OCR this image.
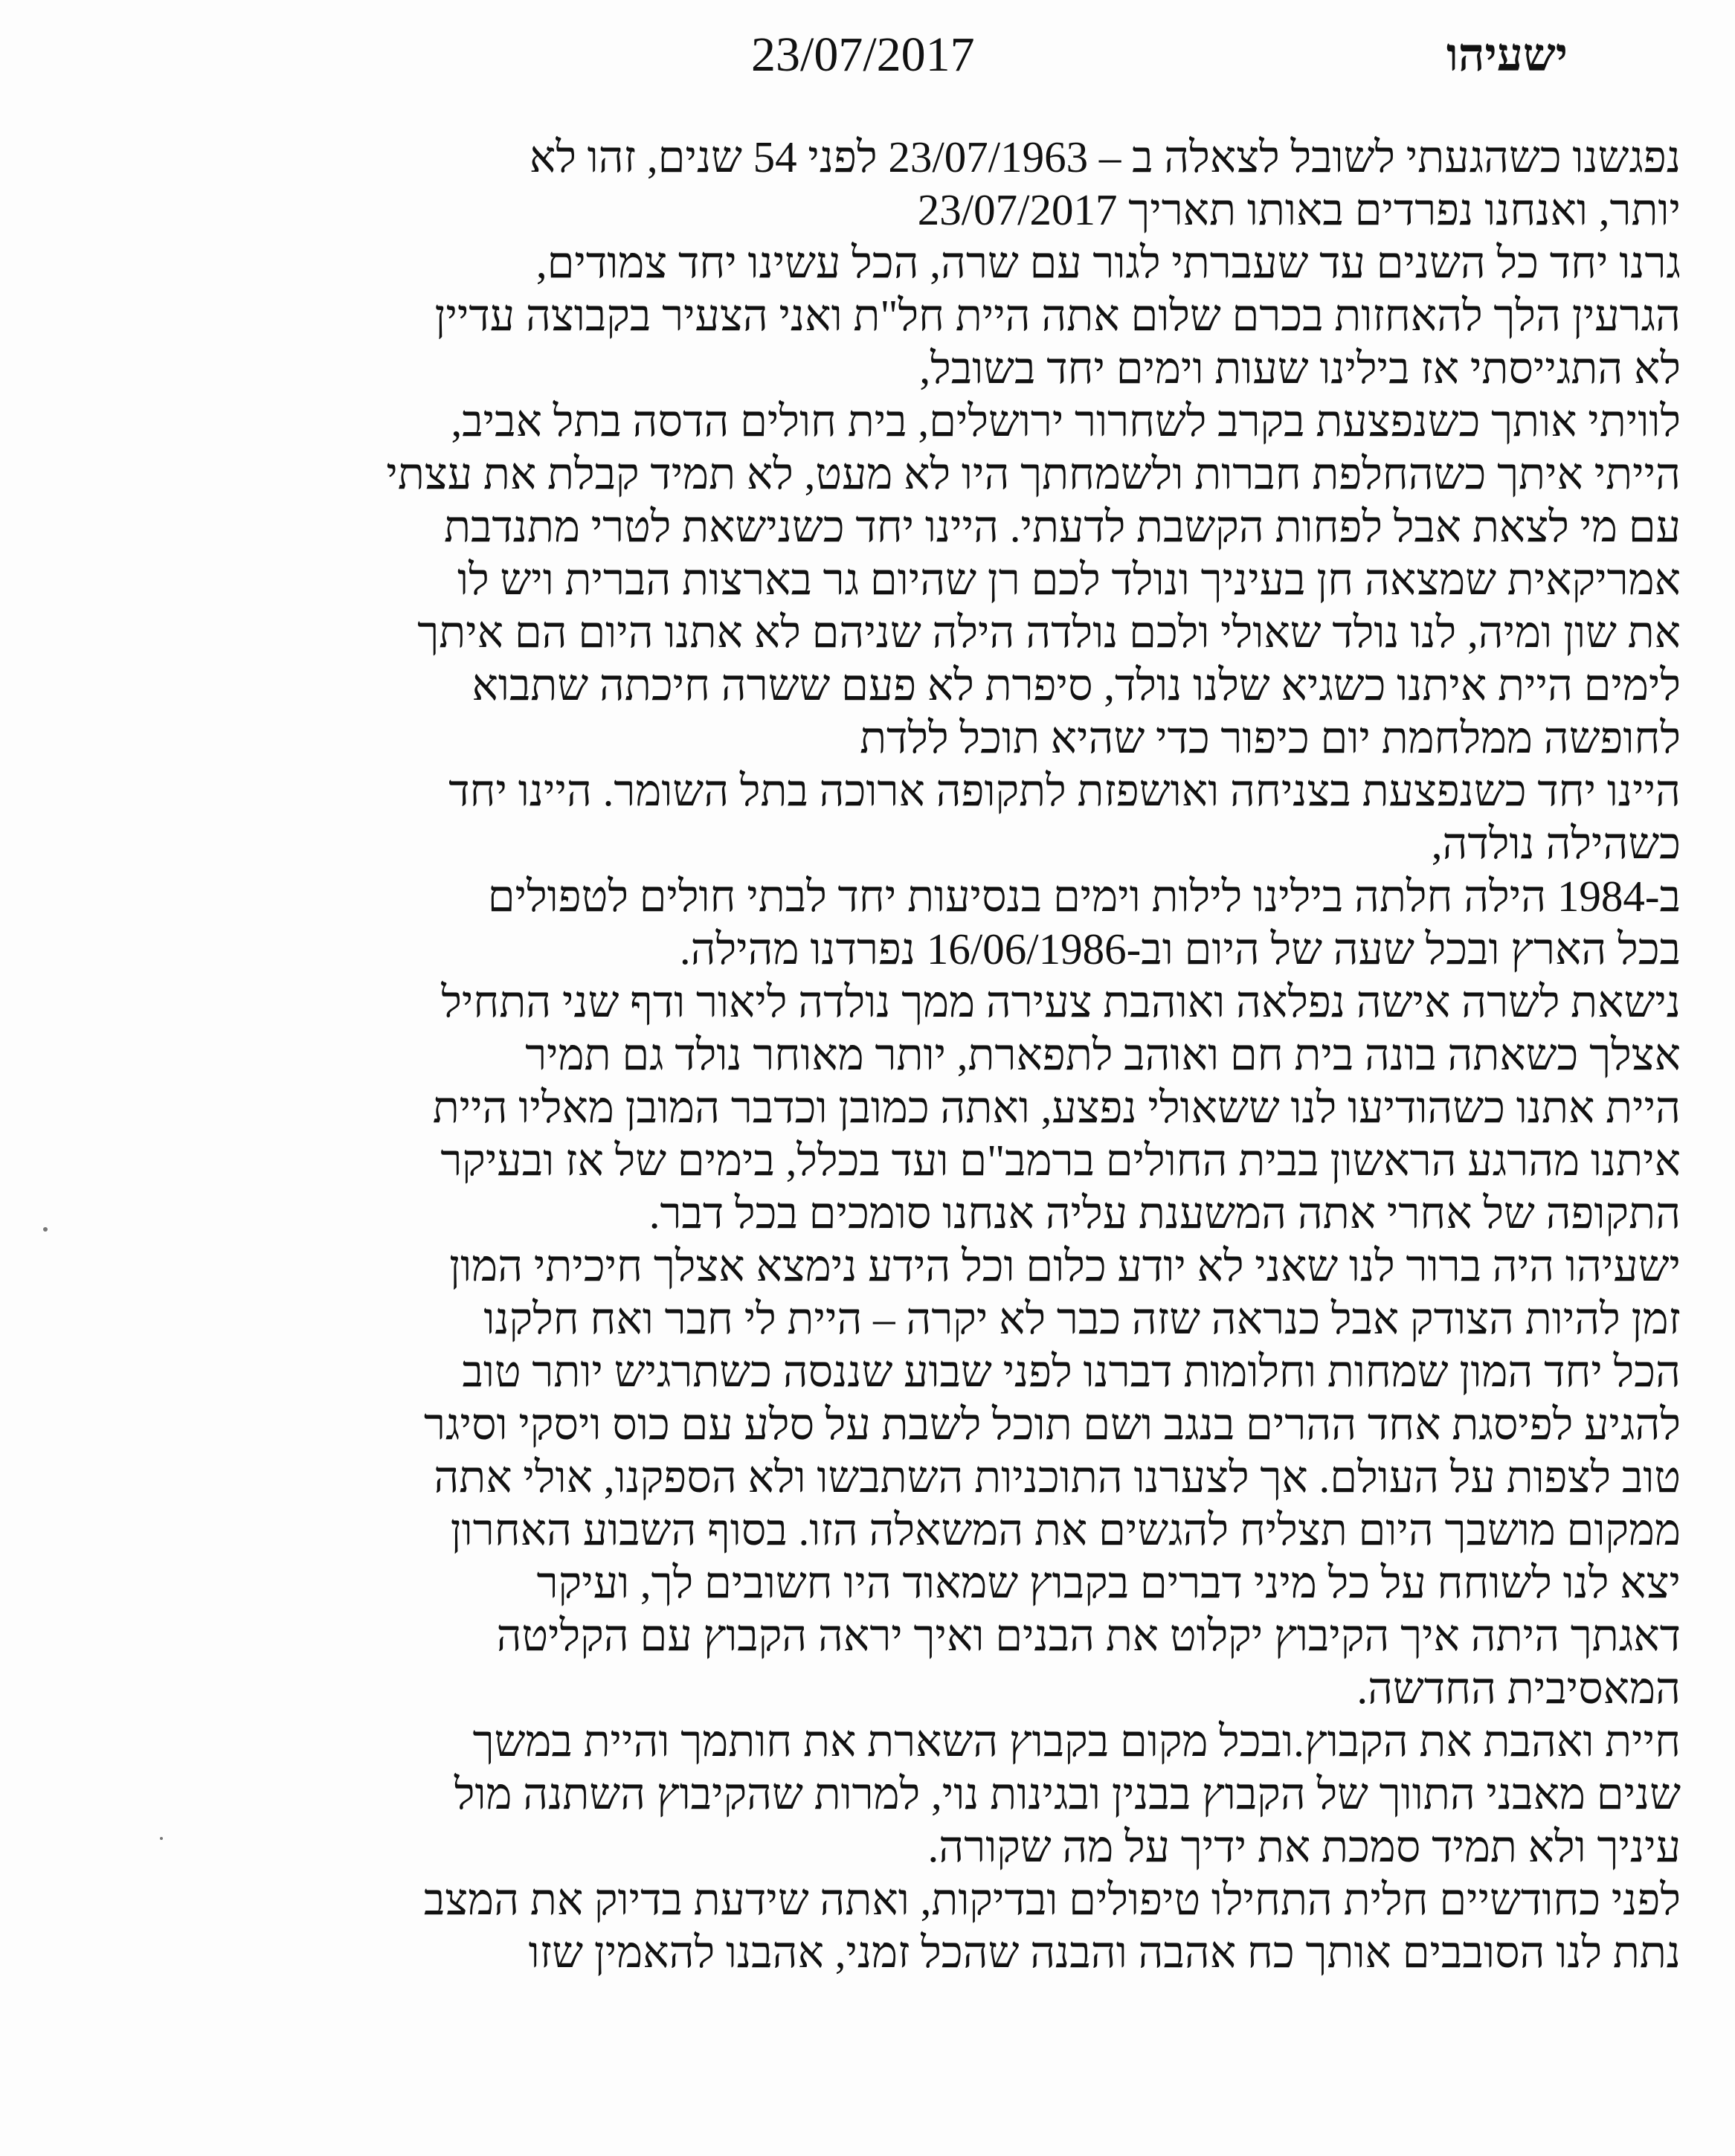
ישעיהו
23/07/2017
נפגשנו כשהגעתי לשובל לצאלה ב – 23/07/1963 לפני 54 שנים, זהו לא
יותר, ואנחנו נפרדים באותו תאריך 23/07/2017
גרנו יחד כל השנים עד שעברתי לגור עם שרה, הכל עשינו יחד צמודים,
הגרעין הלך להאחזות בכרם שלום אתה היית חל"ת ואני הצעיר בקבוצה עדיין
לא התגייסתי אז בילינו שעות וימים יחד בשובל,
לוויתי אותך כשנפצעת בקרב לשחרור ירושלים, בית חולים הדסה בתל אביב,
הייתי איתך כשהחלפת חברות ולשמחתך היו לא מעט, לא תמיד קבלת את עצתי
עם מי לצאת אבל לפחות הקשבת לדעתי. היינו יחד כשנישאת לטרי מתנדבת
אמריקאית שמצאה חן בעיניך ונולד לכם רן שהיום גר בארצות הברית ויש לו
את שון ומיה, לנו נולד שאולי ולכם נולדה הילה שניהם לא אתנו היום הם איתך
לימים היית איתנו כשגיא שלנו נולד, סיפרת לא פעם ששרה חיכתה שתבוא
לחופשה ממלחמת יום כיפור כדי שהיא תוכל ללדת
היינו יחד כשנפצעת בצניחה ואושפזת לתקופה ארוכה בתל השומר. היינו יחד
כשהילה נולדה,
ב-1984 הילה חלתה בילינו לילות וימים בנסיעות יחד לבתי חולים לטפולים
בכל הארץ ובכל שעה של היום וב-16/06/1986 נפרדנו מהילה.
נישאת לשרה אישה נפלאה ואוהבת צעירה ממך נולדה ליאור ודף שני התחיל
אצלך כשאתה בונה בית חם ואוהב לתפארת, יותר מאוחר נולד גם תמיר
היית אתנו כשהודיעו לנו ששאולי נפצע, ואתה כמובן וכדבר המובן מאליו היית
איתנו מהרגע הראשון בבית החולים ברמב"ם ועד בכלל, בימים של אז ובעיקר
התקופה של אחרי אתה המשענת עליה אנחנו סומכים בכל דבר.
ישעיהו היה ברור לנו שאני לא יודע כלום וכל הידע נימצא אצלך חיכיתי המון
זמן להיות הצודק אבל כנראה שזה כבר לא יקרה – היית לי חבר ואח חלקנו
הכל יחד המון שמחות וחלומות דברנו לפני שבוע שננסה כשתרגיש יותר טוב
להגיע לפיסגת אחד ההרים בנגב ושם תוכל לשבת על סלע עם כוס ויסקי וסיגר
טוב לצפות על העולם. אך לצערנו התוכניות השתבשו ולא הספקנו, אולי אתה
ממקום מושבך היום תצליח להגשים את המשאלה הזו. בסוף השבוע האחרון
יצא לנו לשוחח על כל מיני דברים בקבוץ שמאוד היו חשובים לך, ועיקר
דאגתך היתה איך הקיבוץ יקלוט את הבנים ואיך יראה הקבוץ עם הקליטה
המאסיבית החדשה.
חיית ואהבת את הקבוץ.ובכל מקום בקבוץ השארת את חותמך והיית במשך
שנים מאבני התווך של הקבוץ בבנין ובגינות נוי, למרות שהקיבוץ השתנה מול
עיניך ולא תמיד סמכת את ידיך על מה שקורה.
לפני כחודשיים חלית התחילו טיפולים ובדיקות, ואתה שידעת בדיוק את המצב
נתת לנו הסובבים אותך כח אהבה והבנה שהכל זמני, אהבנו להאמין שזו
